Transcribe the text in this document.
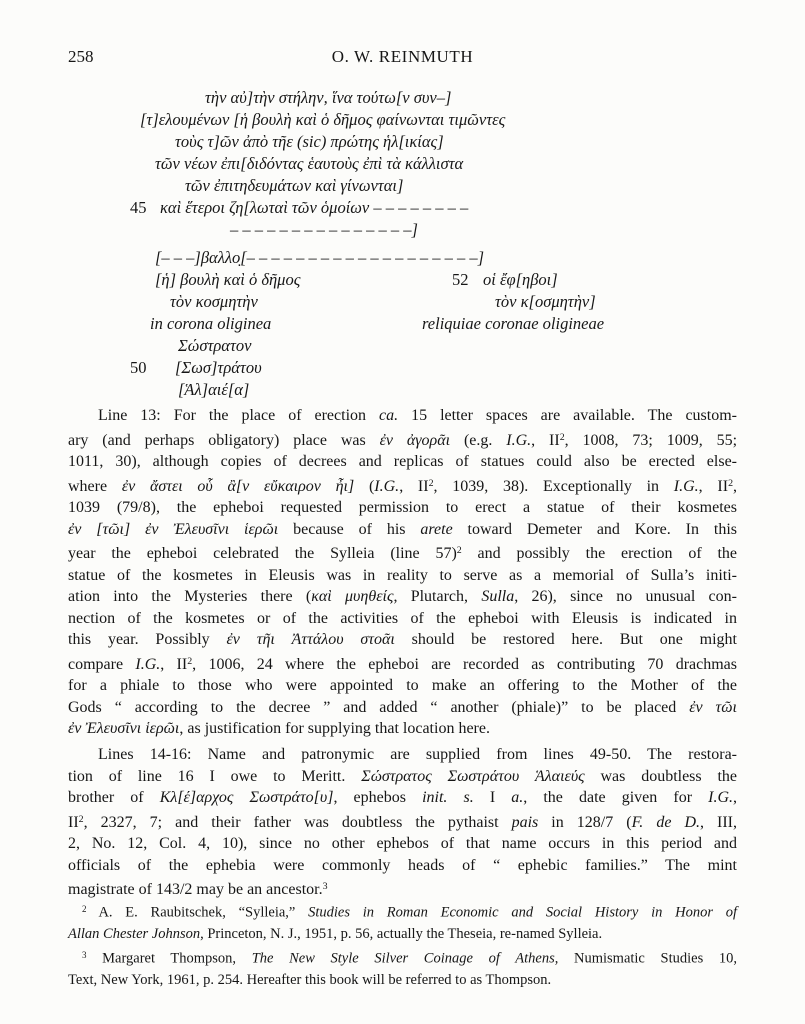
258	O. W. REINMUTH
τὴν αὐ]τὴν στήλην, ἵνα τούτω[ν συν–]
[τ]ελουμένων [ἡ βουλὴ καὶ ὁ δῆμος φαίνωνται τιμῶντες
τοὺς τ]ῶν ἀπὸ τῆε (sic) πρώτης ἡλ[ικίας]
τῶν νέων ἐπι[διδόντας ἑαυτοὺς ἐπὶ τὰ κάλλιστα
τῶν ἐπιτηδευμάτων καὶ γίνωνται]
45 καὶ ἕτεροι ζη[λωταὶ τῶν ὁμοίων – – – – – – – –
– – – – – – – – – – – – – – –]
[– – –]βαλλο̣[– – – – – – – – – – – – – – – – – – –]
[ἡ] βουλὴ καὶ ὁ δῆμος	52 οἱ ἔφ[ηβοι]
τὸν κοσμητὴν	τὸν κ[οσμητὴν]
in corona oliginea	reliquiae coronae oligineae
Σώστρατον
50 [Σωσ]τράτου
[Ἁλ]αιέ[α]
Line 13: For the place of erection ca. 15 letter spaces are available. The custom-
ary (and perhaps obligatory) place was ἐν ἀγορᾶι (e.g. I.G., $II^2$, 1008, 73; 1009, 55;
1011, 30), although copies of decrees and replicas of statues could also be erected else-
where ἐν ἄστει οὗ ἂ[ν εὔκαιρον ἦι] (I.G., $II^2$, 1039, 38). Exceptionally in I.G., $II^2$,
1039 (79/8), the epheboi requested permission to erect a statue of their kosmetes
ἐν [τῶι] ἐν Ἐλευσῖνι ἱερῶι because of his arete toward Demeter and Kore. In this
year the epheboi celebrated the Sylleia (line 57)$^2$ and possibly the erection of the
statue of the kosmetes in Eleusis was in reality to serve as a memorial of Sulla’s initi-
ation into the Mysteries there (καὶ μυηθείς, Plutarch, Sulla, 26), since no unusual con-
nection of the kosmetes or of the activities of the epheboi with Eleusis is indicated in
this year. Possibly ἐν τῆι Ἀττάλου στοᾶι should be restored here. But one might
compare I.G., $II^2$, 1006, 24 where the epheboi are recorded as contributing 70 drachmas
for a phiale to those who were appointed to make an offering to the Mother of the
Gods “ according to the decree ” and added “ another (phiale)” to be placed ἐν τῶι
ἐν Ἐλευσῖνι ἱερῶι, as justification for supplying that location here.
Lines 14-16: Name and patronymic are supplied from lines 49-50. The restora-
tion of line 16 I owe to Meritt. Σώστρατος Σωστράτου Ἁλαιεύς was doubtless the
brother of Κλ[έ]αρχος Σωστράτο[υ], ephebos init. s. I a., the date given for I.G.,
$II^2$, 2327, 7; and their father was doubtless the pythaist pais in 128/7 (F. de D., III,
2, No. 12, Col. 4, 10), since no other ephebos of that name occurs in this period and
officials of the ephebia were commonly heads of “ ephebic families.” The mint
magistrate of 143/2 may be an ancestor.$^3$
$^2$ A. E. Raubitschek, “Sylleia,” Studies in Roman Economic and Social History in Honor of
Allan Chester Johnson, Princeton, N. J., 1951, p. 56, actually the Theseia, re-named Sylleia.
$^3$ Margaret Thompson, The New Style Silver Coinage of Athens, Numismatic Studies 10,
Text, New York, 1961, p. 254. Hereafter this book will be referred to as Thompson.
